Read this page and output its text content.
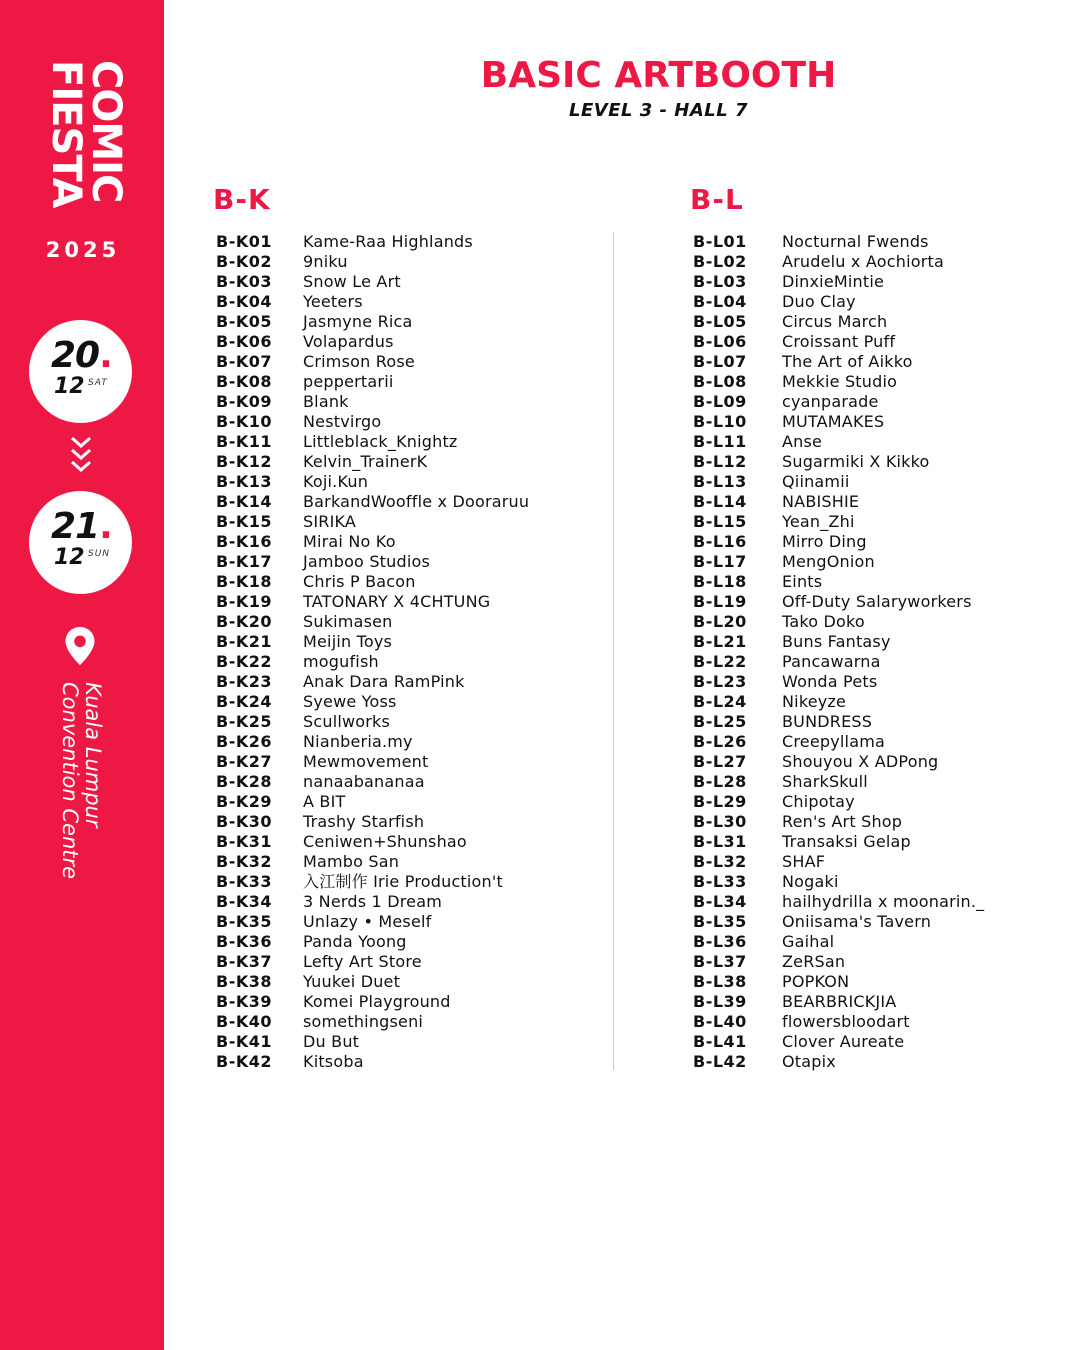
COMIC
FIESTA
2025
20.
12 SAT
21.
12 SUN
Kuala Lumpur
Convention Centre
BASIC ARTBOOTH
LEVEL 3 - HALL 7
B-K
B-K01 Kame-Raa Highlands
B-K02 9niku
B-K03 Snow Le Art
B-K04 Yeeters
B-K05 Jasmyne Rica
B-K06 Volapardus
B-K07 Crimson Rose
B-K08 peppertarii
B-K09 Blank
B-K10 Nestvirgo
B-K11 Littleblack_Knightz
B-K12 Kelvin_TrainerK
B-K13 Koji.Kun
B-K14 BarkandWooffle x Dooraruu
B-K15 SIRIKA
B-K16 Mirai No Ko
B-K17 Jamboo Studios
B-K18 Chris P Bacon
B-K19 TATONARY X 4CHTUNG
B-K20 Sukimasen
B-K21 Meijin Toys
B-K22 mogufish
B-K23 Anak Dara RamPink
B-K24 Syewe Yoss
B-K25 Scullworks
B-K26 Nianberia.my
B-K27 Mewmovement
B-K28 nanaabananaa
B-K29 A BIT
B-K30 Trashy Starfish
B-K31 Ceniwen+Shunshao
B-K32 Mambo San
B-K33 入江制作 Irie Production't
B-K34 3 Nerds 1 Dream
B-K35 Unlazy • Meself
B-K36 Panda Yoong
B-K37 Lefty Art Store
B-K38 Yuukei Duet
B-K39 Komei Playground
B-K40 somethingseni
B-K41 Du But
B-K42 Kitsoba
B-L
B-L01 Nocturnal Fwends
B-L02 Arudelu x Aochiorta
B-L03 DinxieMintie
B-L04 Duo Clay
B-L05 Circus March
B-L06 Croissant Puff
B-L07 The Art of Aikko
B-L08 Mekkie Studio
B-L09 cyanparade
B-L10 MUTAMAKES
B-L11 Anse
B-L12 Sugarmiki X Kikko
B-L13 Qiinamii
B-L14 NABISHIE
B-L15 Yean_Zhi
B-L16 Mirro Ding
B-L17 MengOnion
B-L18 Eints
B-L19 Off-Duty Salaryworkers
B-L20 Tako Doko
B-L21 Buns Fantasy
B-L22 Pancawarna
B-L23 Wonda Pets
B-L24 Nikeyze
B-L25 BUNDRESS
B-L26 Creepyllama
B-L27 Shouyou X ADPong
B-L28 SharkSkull
B-L29 Chipotay
B-L30 Ren's Art Shop
B-L31 Transaksi Gelap
B-L32 SHAF
B-L33 Nogaki
B-L34 hailhydrilla x moonarin._
B-L35 Oniisama's Tavern
B-L36 Gaihal
B-L37 ZeRSan
B-L38 POPKON
B-L39 BEARBRICKJIA
B-L40 flowersbloodart
B-L41 Clover Aureate
B-L42 Otapix
